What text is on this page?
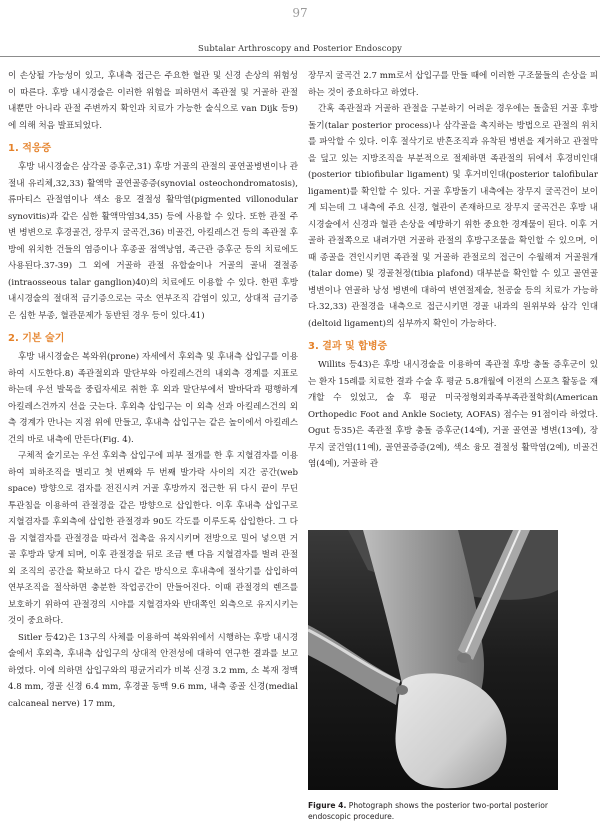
97
Subtalar Arthroscopy and Posterior Endoscopy

이 손상될 가능성이 있고, 후내측 접근은 주요한 혈관 및 신경 손상의 위험성이 따른다. 후방 내시경술은 이러한 위험을 피하면서 족관절 및 거골하 관절 내뿐만 아니라 관절 주변까지 확인과 치료가 가능한 술식으로 van Dijk 등9)에 의해 처음 발표되었다.

1. 적응증

후방 내시경술은 삼각골 증후군,31) 후방 거골의 관절의 골연골병변이나 관절내 유리체,32,33) 활액막 골연골종증(synovial osteochondromatosis), 류마티스 관절염이나 색소 융모 결절성 활막염(pigmented villonodular synovitis)과 같은 심한 활액막염34,35) 등에 사용할 수 있다. 또한 관절 주변 병변으로 후경골건, 장무지 굴곡건,36) 비골건, 아킬레스건 등의 족관절 후방에 위치한 건들의 염증이나 후종골 점액낭염, 족근관 증후군 등의 치료에도 사용된다.37-39) 그 외에 거골하 관절 유합술이나 거골의 골내 결절종(intraosseous talar ganglion)40)의 치료에도 이용할 수 있다. 한편 후방 내시경술의 절대적 금기증으로는 국소 연부조직 감염이 있고, 상대적 금기증은 심한 부종, 혈관문제가 동반된 경우 등이 있다.41)

2. 기본 술기

후방 내시경술은 복와위(prone) 자세에서 후외측 및 후내측 삽입구를 이용하여 시도한다.8) 족관절외과 말단부와 아킬레스건의 내외측 경계를 지표로 하는데 우선 발목을 중립자세로 취한 후 외과 말단부에서 발바닥과 평행하게 아킬레스건까지 선을 긋는다. 후외측 삽입구는 이 외측 선과 아킬레스건의 외측 경계가 만나는 지점 위에 만들고, 후내측 삽입구는 같은 높이에서 아킬레스건의 바로 내측에 만든다(Fig. 4).

구체적 술기로는 우선 후외측 삽입구에 피부 절개를 한 후 지혈겸자를 이용하여 피하조직을 벌리고 첫 번째와 두 번째 발가락 사이의 지간 공간(web space) 방향으로 겸자를 전진시켜 거골 후방까지 접근한 뒤 다시 끝이 무딘 투관침을 이용하여 관절경을 같은 방향으로 삽입한다. 이후 후내측 삽입구로 지혈겸자를 후외측에 삽입한 관절경과 90도 각도를 이루도록 삽입한다. 그 다음 지혈겸자를 관절경을 따라서 접촉을 유지시키며 전방으로 밀어 넣으면 거골 후방과 닿게 되며, 이후 관절경을 뒤로 조금 뺀 다음 지혈겸자를 벌려 관절외 조직의 공간을 확보하고 다시 같은 방식으로 후내측에 절삭기를 삽입하여 연부조직을 절삭하면 충분한 작업공간이 만들어진다. 이때 관절경의 렌즈를 보호하기 위하여 관절경의 시야를 지혈겸자와 반대쪽인 외측으로 유지시키는 것이 중요하다.

Sitler 등42)은 13구의 사체를 이용하여 복와위에서 시행하는 후방 내시경술에서 후외측, 후내측 삽입구의 상대적 안전성에 대하여 연구한 결과를 보고하였다. 이에 의하면 삽입구와의 평균거리가 비복 신경 3.2 mm, 소 복재 정맥 4.8 mm, 경골 신경 6.4 mm, 후경골 동맥 9.6 mm, 내측 종골 신경(medial calcaneal nerve) 17 mm,

장무지 굴곡건 2.7 mm로서 삽입구를 만들 때에 이러한 구조물들의 손상을 피하는 것이 중요하다고 하였다.

간혹 족관절과 거골하 관절을 구분하기 어려운 경우에는 돌출된 거골 후방돌기(talar posterior process)나 삼각골을 촉지하는 방법으로 관절의 위치를 파악할 수 있다. 이후 절삭기로 반흔조직과 유착된 병변을 제거하고 관절막을 덮고 있는 지방조직을 부분적으로 절제하면 족관절의 뒤에서 후경비인대(posterior tibiofibular ligament) 및 후거비인대(posterior talofibular ligament)를 확인할 수 있다. 거골 후방돌기 내측에는 장무지 굴곡건이 보이게 되는데 그 내측에 주요 신경, 혈관이 존재하므로 장무지 굴곡건은 후방 내시경술에서 신경과 혈관 손상을 예방하기 위한 중요한 경계물이 된다. 이후 거골하 관절쪽으로 내려가면 거골하 관절의 후방구조물을 확인할 수 있으며, 이때 종골을 견인시키면 족관절 및 거골하 관절로의 접근이 수월해져 거골원개(talar dome) 및 경골천정(tibia plafond) 대부분을 확인할 수 있고 골연골 병변이나 연골하 낭성 병변에 대하여 변연절제술, 천공술 등의 치료가 가능하다.32,33) 관절경을 내측으로 접근시키면 경골 내과의 원위부와 삼각 인대(deltoid ligament)의 심부까지 확인이 가능하다.

3. 결과 및 합병증

Willits 등43)은 후방 내시경술을 이용하여 족관절 후방 충돌 증후군이 있는 환자 15례를 치료한 결과 수술 후 평균 5.8개월에 이전의 스포츠 활동을 재개할 수 있었고, 술 후 평균 미국정형외과족부족관절학회(American Orthopedic Foot and Ankle Society, AOFAS) 점수는 91점이라 하였다. Ogut 등35)은 족관절 후방 충돌 증후군(14예), 거골 골연골 병변(13예), 장무지 굴건염(11예), 골연골증증(2예), 색소 융모 결절성 활막염(2예), 비골건염(4예), 거골하 관

Figure 4. Photograph shows the posterior two-portal posterior endoscopic procedure.
